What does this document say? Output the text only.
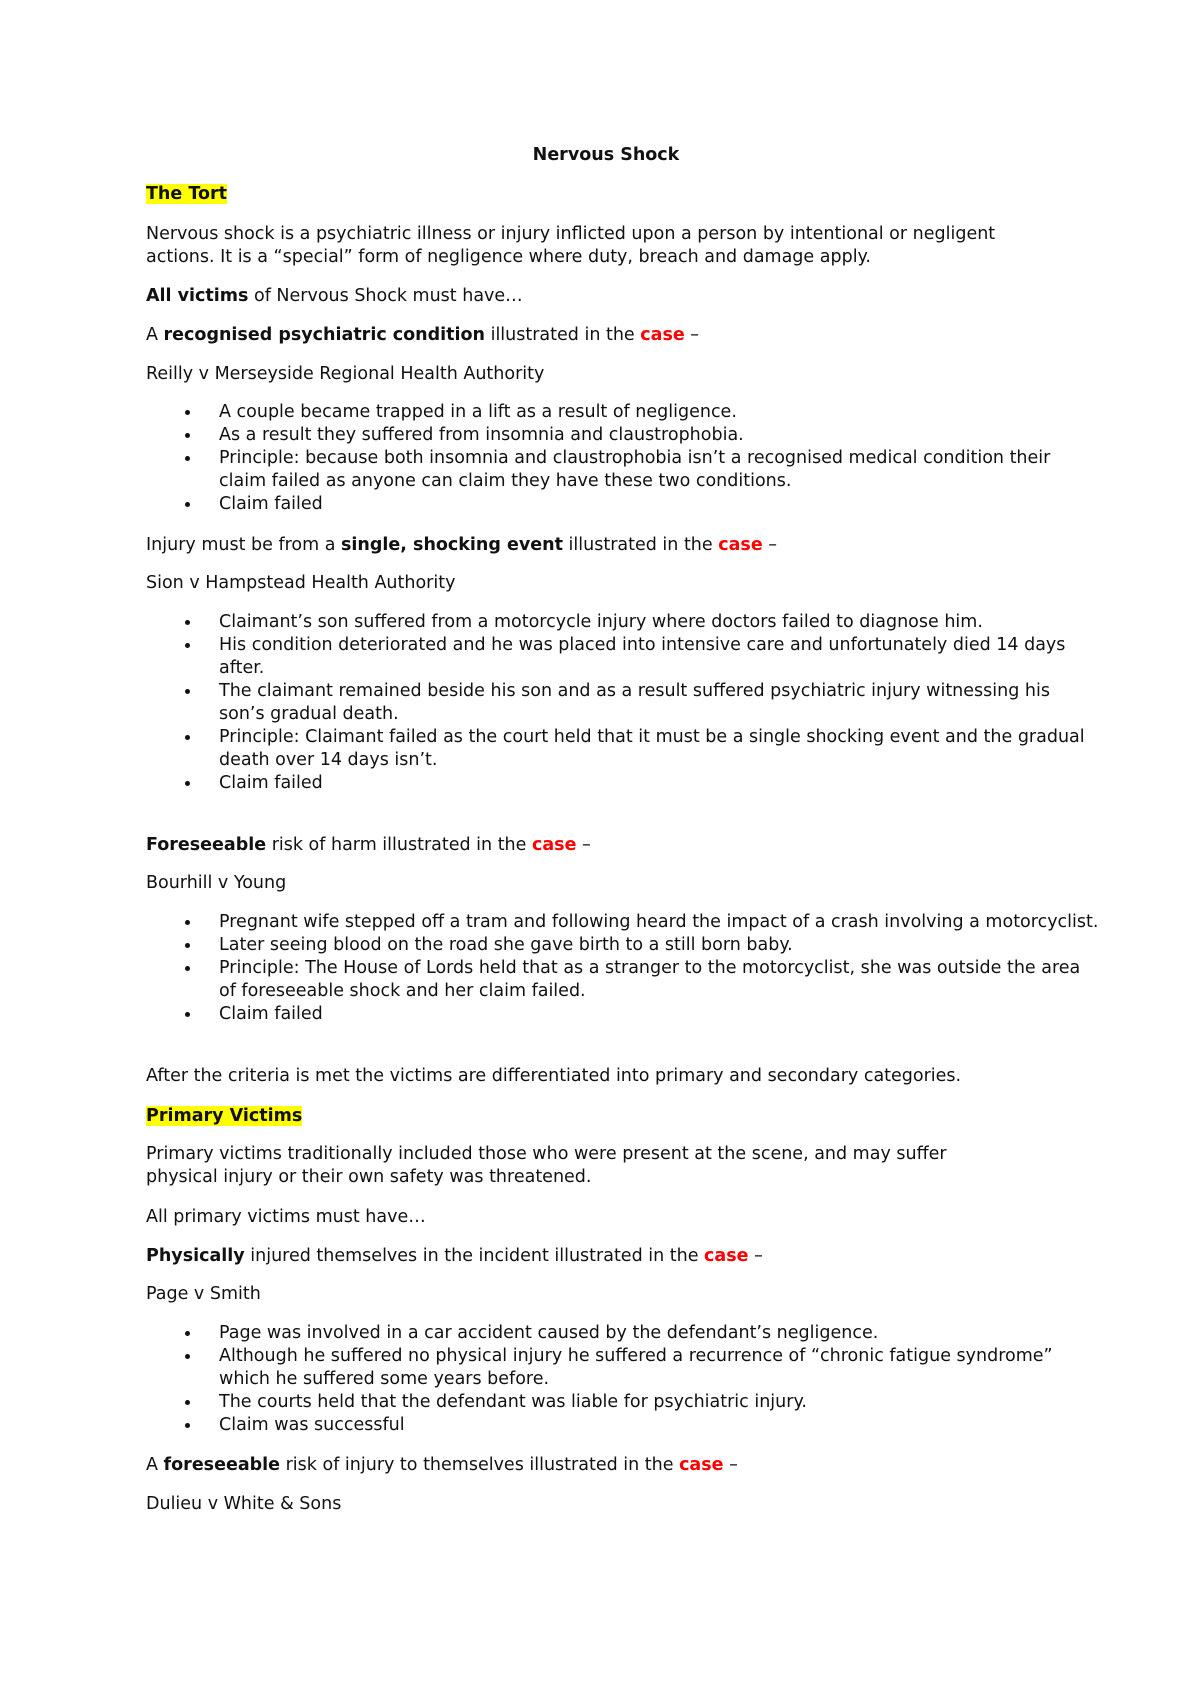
Nervous Shock
The Tort
Nervous shock is a psychiatric illness or injury inflicted upon a person by intentional or negligent
actions. It is a “special” form of negligence where duty, breach and damage apply.
All victims of Nervous Shock must have…
A recognised psychiatric condition illustrated in the case –
Reilly v Merseyside Regional Health Authority
A couple became trapped in a lift as a result of negligence.
As a result they suffered from insomnia and claustrophobia.
Principle: because both insomnia and claustrophobia isn’t a recognised medical condition their claim failed as anyone can claim they have these two conditions.
Claim failed
Injury must be from a single, shocking event illustrated in the case –
Sion v Hampstead Health Authority
Claimant’s son suffered from a motorcycle injury where doctors failed to diagnose him.
His condition deteriorated and he was placed into intensive care and unfortunately died 14 days after.
The claimant remained beside his son and as a result suffered psychiatric injury witnessing his son’s gradual death.
Principle: Claimant failed as the court held that it must be a single shocking event and the gradual death over 14 days isn’t.
Claim failed
Foreseeable risk of harm illustrated in the case –
Bourhill v Young
Pregnant wife stepped off a tram and following heard the impact of a crash involving a motorcyclist.
Later seeing blood on the road she gave birth to a still born baby.
Principle: The House of Lords held that as a stranger to the motorcyclist, she was outside the area of foreseeable shock and her claim failed.
Claim failed
After the criteria is met the victims are differentiated into primary and secondary categories.
Primary Victims
Primary victims traditionally included those who were present at the scene, and may suffer
physical injury or their own safety was threatened.
All primary victims must have…
Physically injured themselves in the incident illustrated in the case –
Page v Smith
Page was involved in a car accident caused by the defendant’s negligence.
Although he suffered no physical injury he suffered a recurrence of “chronic fatigue syndrome” which he suffered some years before.
The courts held that the defendant was liable for psychiatric injury.
Claim was successful
A foreseeable risk of injury to themselves illustrated in the case –
Dulieu v White & Sons
